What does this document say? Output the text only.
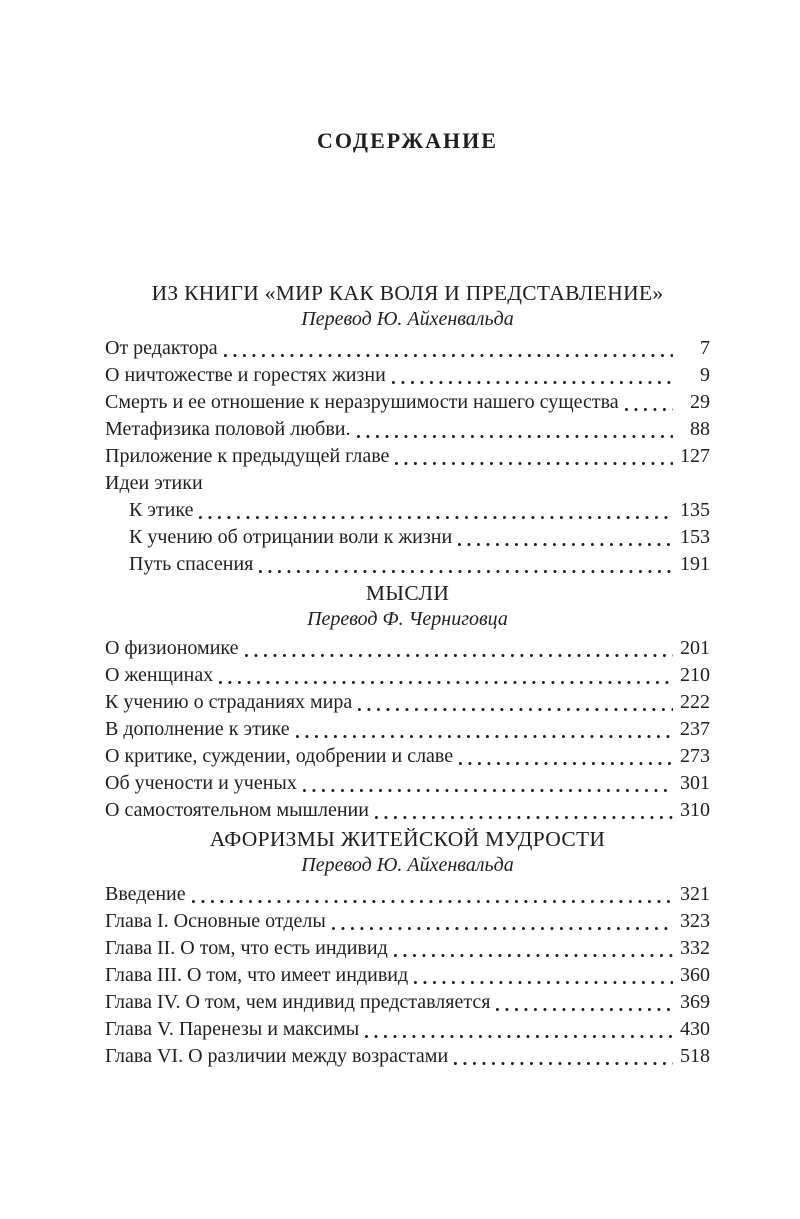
СОДЕРЖАНИЕ
ИЗ КНИГИ «МИР КАК ВОЛЯ И ПРЕДСТАВЛЕНИЕ»
Перевод Ю. Айхенвальда
От редактора	7
О ничтожестве и горестях жизни	9
Смерть и ее отношение к неразрушимости нашего существа	29
Метафизика половой любви.	88
Приложение к предыдущей главе	127
Идеи этики
К этике	135
К учению об отрицании воли к жизни	153
Путь спасения	191
МЫСЛИ
Перевод Ф. Черниговца
О физиономике	201
О женщинах	210
К учению о страданиях мира	222
В дополнение к этике	237
О критике, суждении, одобрении и славе	273
Об учености и ученых	301
О самостоятельном мышлении	310
АФОРИЗМЫ ЖИТЕЙСКОЙ МУДРОСТИ
Перевод Ю. Айхенвальда
Введение	321
Глава I. Основные отделы	323
Глава II. О том, что есть индивид	332
Глава III. О том, что имеет индивид	360
Глава IV. О том, чем индивид представляется	369
Глава V. Паренезы и максимы	430
Глава VI. О различии между возрастами	518
